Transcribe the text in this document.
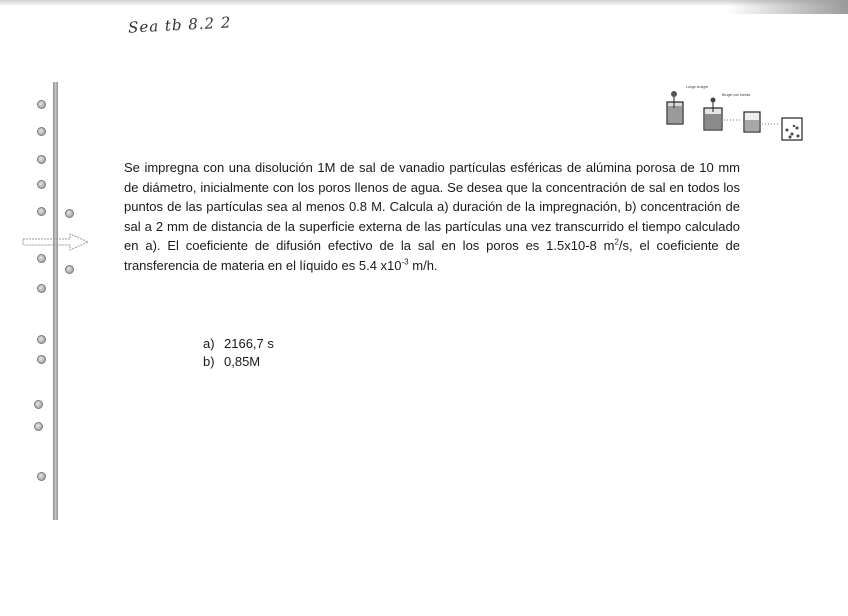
Sea tb 8.2 2
Lunge al aigre
Bruger con fuerda

Se impregna con una disolución 1M de sal de vanadio partículas esféricas de alúmina porosa de 10 mm de diámetro, inicialmente con los poros llenos de agua. Se desea que la concentración de sal en todos los puntos de las partículas sea al menos 0.8 M. Calcula a) duración de la impregnación, b) concentración de sal a 2 mm de distancia de la superficie externa de las partículas una vez transcurrido el tiempo calculado en a). El coeficiente de difusión efectivo de la sal en los poros es 1.5x10-8 $m^2/s$, el coeficiente de transferencia de materia en el líquido es 5.4 $x10^{-3}$ m/h.

a) 2166,7 s
b) 0,85M
